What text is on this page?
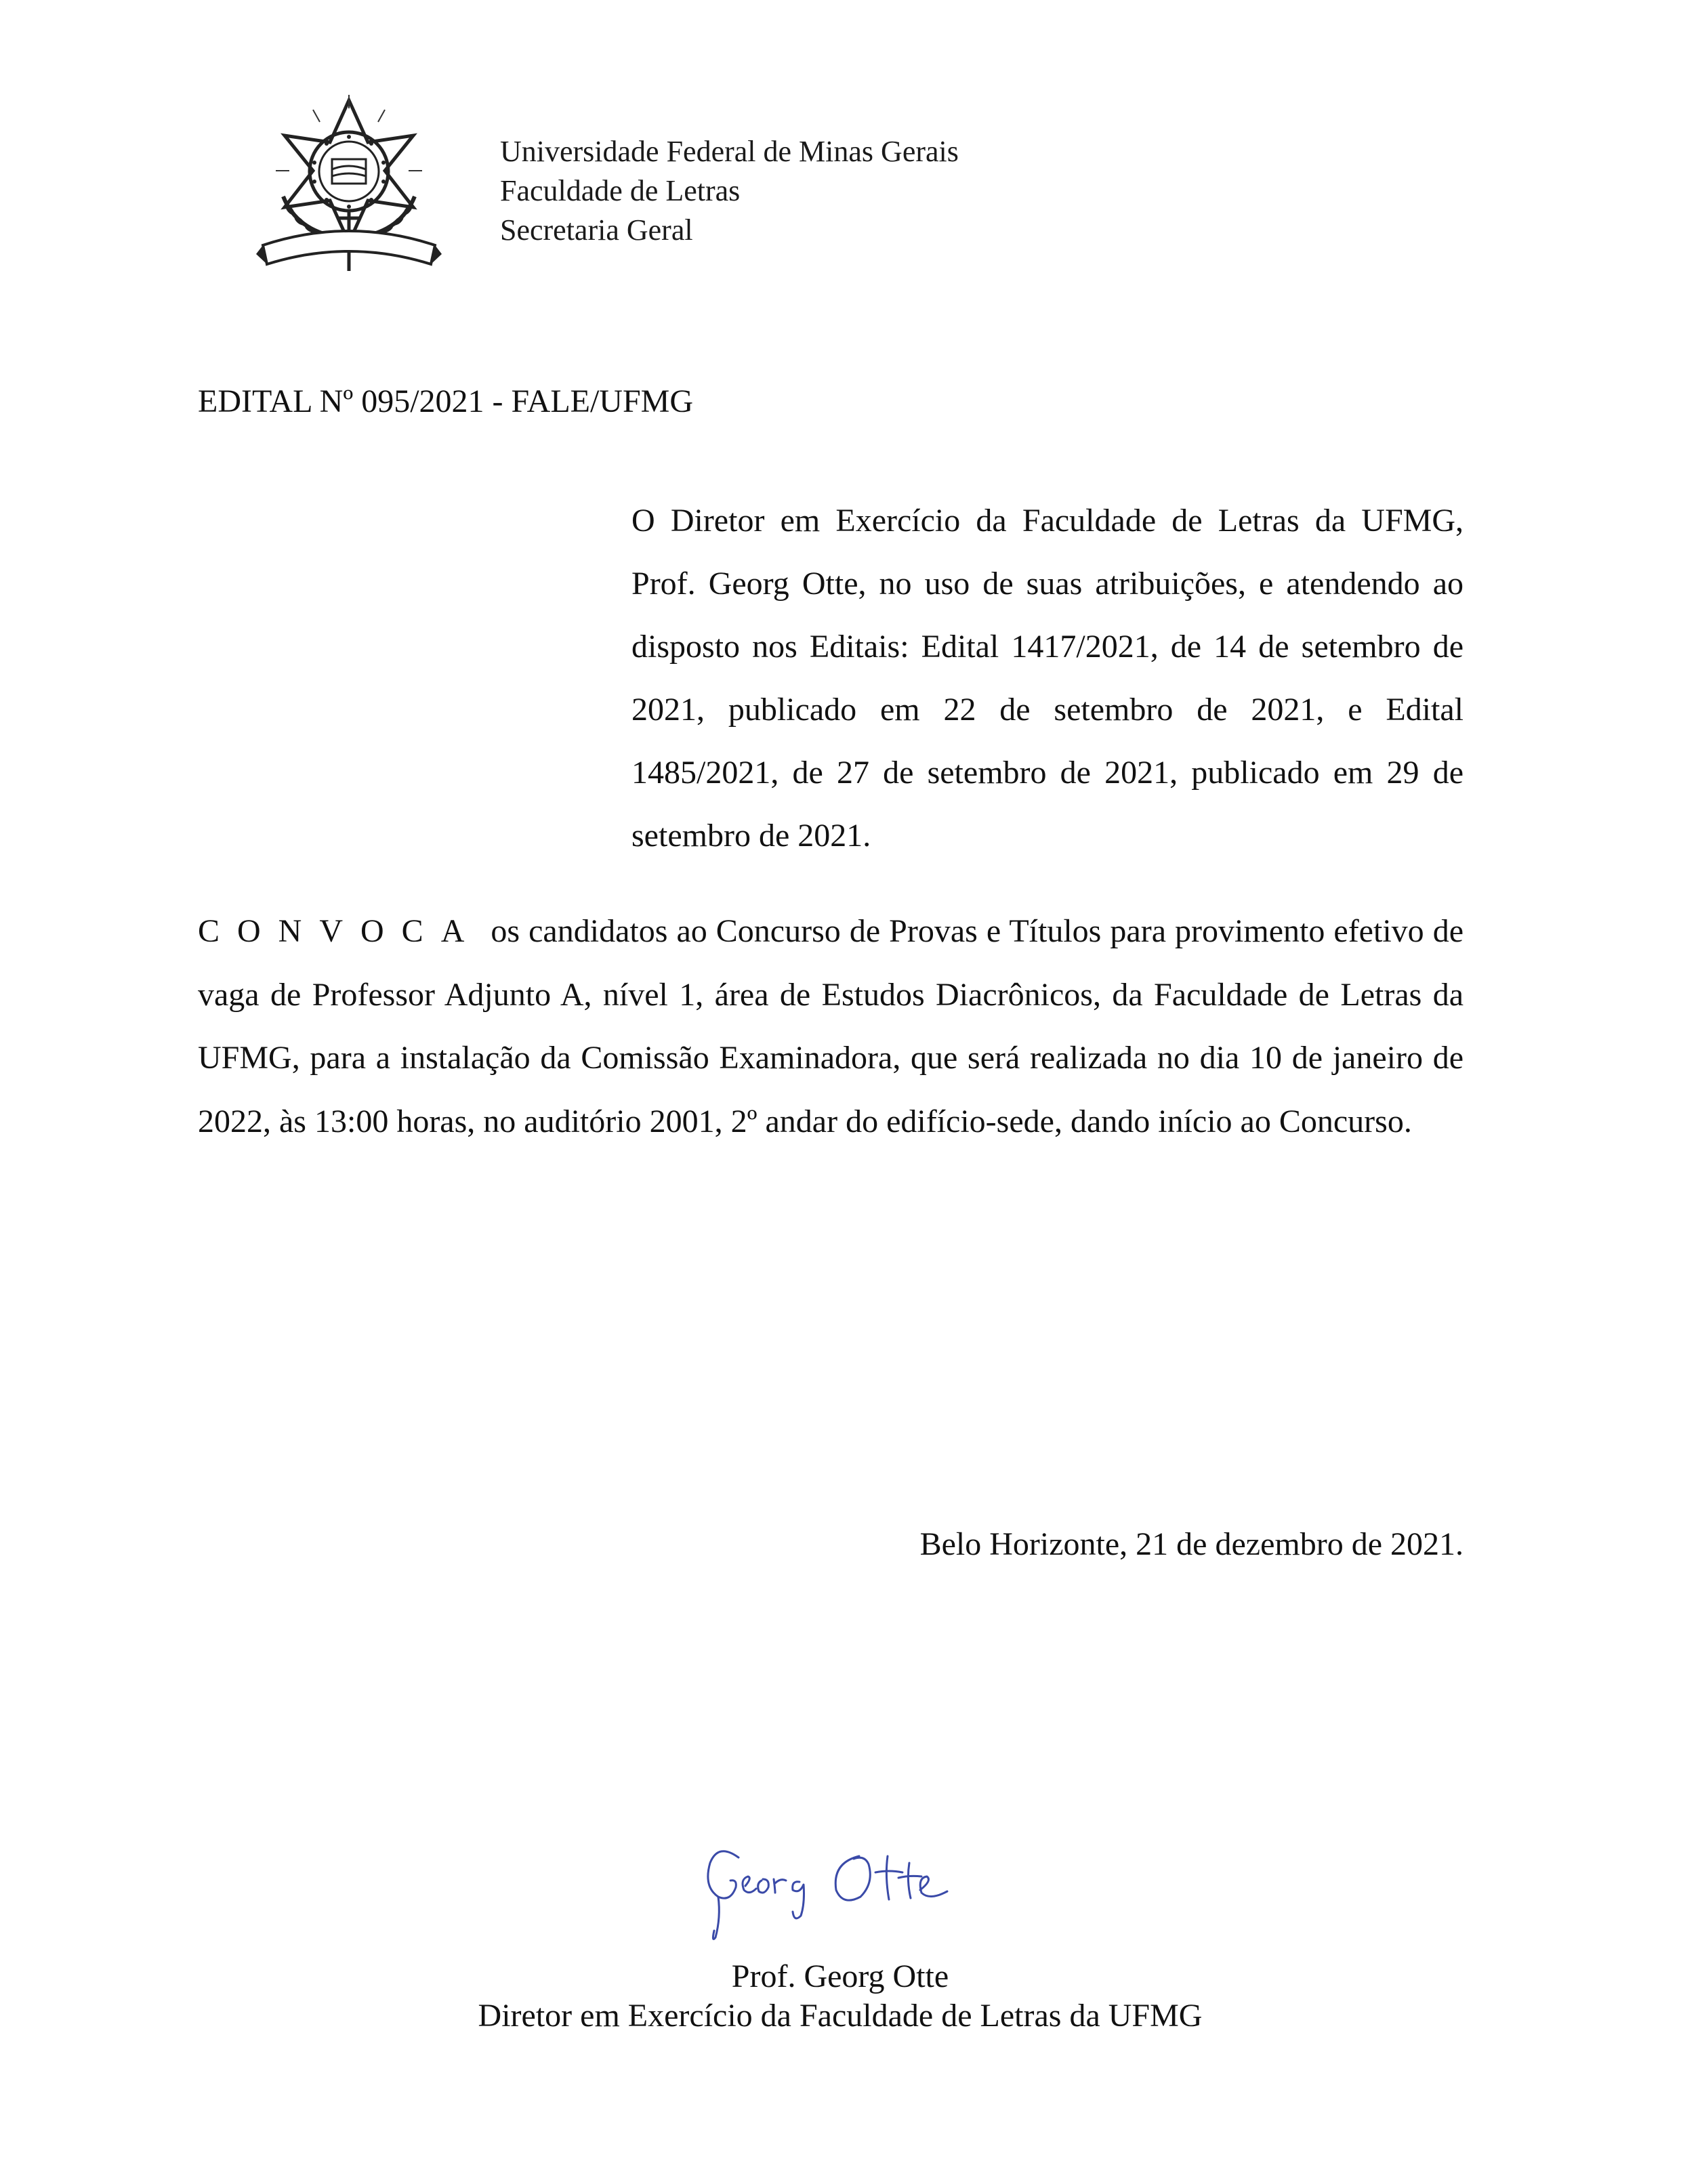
Universidade Federal de Minas Gerais
Faculdade de Letras
Secretaria Geral
EDITAL Nº 095/2021 - FALE/UFMG
O Diretor em Exercício da Faculdade de Letras da UFMG, Prof. Georg Otte, no uso de suas atribuições, e atendendo ao disposto nos Editais: Edital 1417/2021, de 14 de setembro de 2021, publicado em 22 de setembro de 2021, e Edital 1485/2021, de 27 de setembro de 2021, publicado em 29 de setembro de 2021.
CONVOCA os candidatos ao Concurso de Provas e Títulos para provimento efetivo de vaga de Professor Adjunto A, nível 1, área de Estudos Diacrônicos, da Faculdade de Letras da UFMG, para a instalação da Comissão Examinadora, que será realizada no dia 10 de janeiro de 2022, às 13:00 horas, no auditório 2001, 2º andar do edifício-sede, dando início ao Concurso.
Belo Horizonte, 21 de dezembro de 2021.
Prof. Georg Otte
Diretor em Exercício da Faculdade de Letras da UFMG
